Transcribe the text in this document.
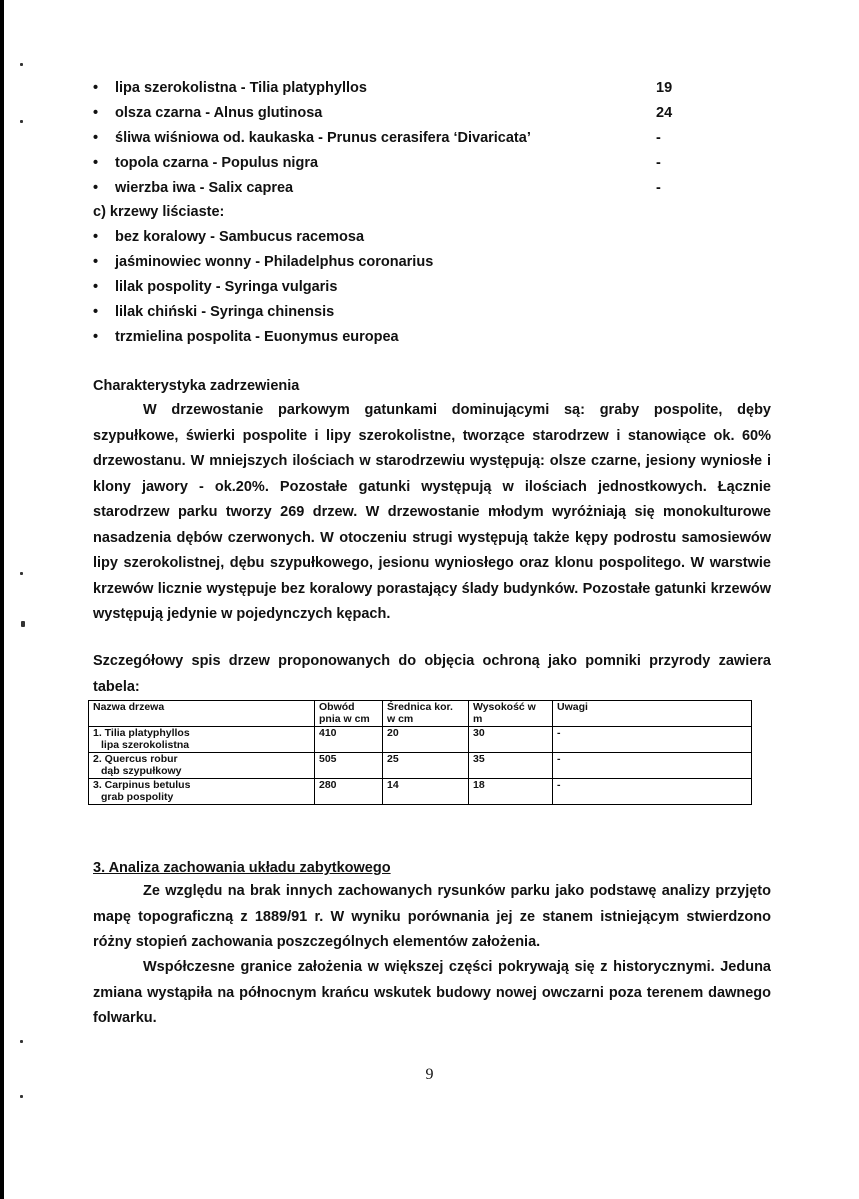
• lipa szerokolistna - Tilia platyphyllos	19
• olsza czarna - Alnus glutinosa	24
• śliwa wiśniowa od. kaukaska - Prunus cerasifera ‘Divaricata’	-
• topola czarna - Populus nigra	-
• wierzba iwa - Salix caprea	-
c) krzewy liściaste:
• bez koralowy - Sambucus racemosa
• jaśminowiec wonny - Philadelphus coronarius
• lilak pospolity - Syringa vulgaris
• lilak chiński - Syringa chinensis
• trzmielina pospolita - Euonymus europea
Charakterystyka zadrzewienia
W drzewostanie parkowym gatunkami dominującymi są: graby pospolite, dęby szypułkowe, świerki pospolite i lipy szerokolistne, tworzące starodrzew i stanowiące ok. 60% drzewostanu. W mniejszych ilościach w starodrzewiu występują: olsze czarne, jesiony wyniosłe i klony jawory - ok.20%. Pozostałe gatunki występują w ilościach jednostkowych. Łącznie starodrzew parku tworzy 269 drzew. W drzewostanie młodym wyróżniają się monokulturowe nasadzenia dębów czerwonych. W otoczeniu strugi występują także kępy podrostu samosiewów lipy szerokolistnej, dębu szypułkowego, jesionu wyniosłego oraz klonu pospolitego. W warstwie krzewów licznie występuje bez koralowy porastający ślady budynków. Pozostałe gatunki krzewów występują jedynie w pojedynczych kępach.
Szczegółowy spis drzew proponowanych do objęcia ochroną jako pomniki przyrody zawiera tabela:
Nazwa drzewa	Obwód pnia w cm	Średnica kor. w cm	Wysokość w m	Uwagi

1. Tilia platyphyllos
lipa szerokolistna	410	20	30	-

2. Quercus robur
dąb szypułkowy	505	25	35	-

3. Carpinus betulus
grab pospolity	280	14	18	-
3. Analiza zachowania układu zabytkowego
Ze względu na brak innych zachowanych rysunków parku jako podstawę analizy przyjęto mapę topograficzną z 1889/91 r. W wyniku porównania jej ze stanem istniejącym stwierdzono różny stopień zachowania poszczególnych elementów założenia.
Współczesne granice założenia w większej części pokrywają się z historycznymi. Jeduna zmiana wystąpiła na północnym krańcu wskutek budowy nowej owczarni poza terenem dawnego folwarku.
9
